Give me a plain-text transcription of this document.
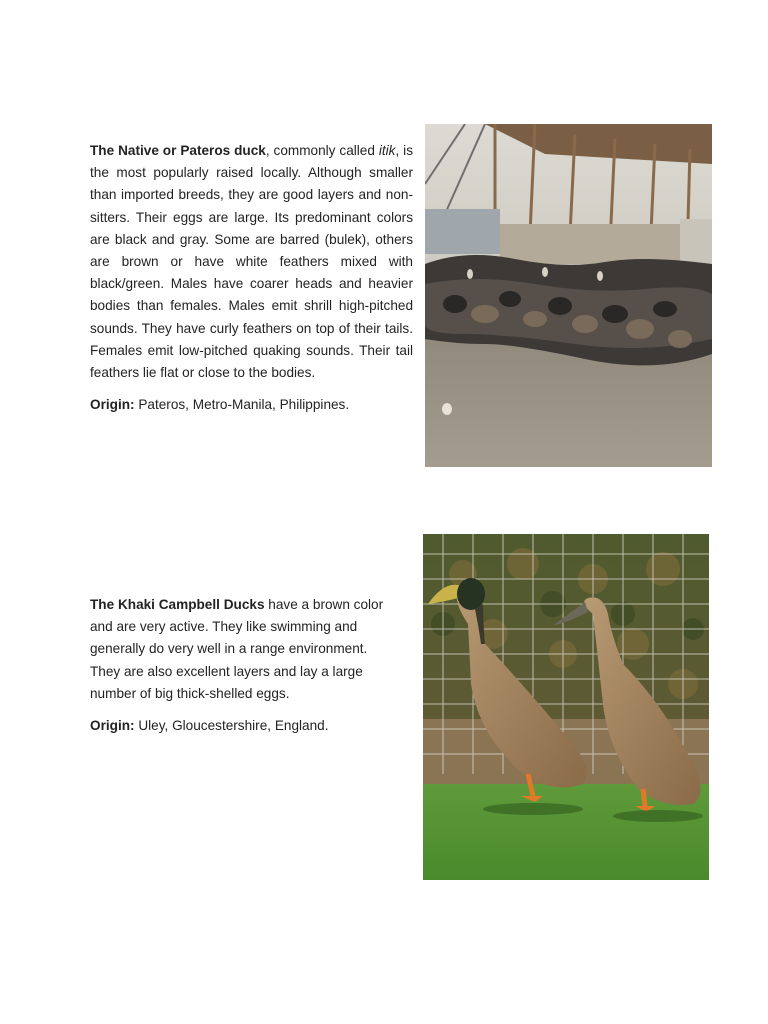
The Native or Pateros duck, commonly called itik, is the most popularly raised locally. Although smaller than imported breeds, they are good layers and non-sitters. Their eggs are large. Its predominant colors are black and gray. Some are barred (bulek), others are brown or have white feathers mixed with black/green. Males have coarer heads and heavier bodies than females. Males emit shrill high-pitched sounds. They have curly feathers on top of their tails. Females emit low-pitched quaking sounds. Their tail feathers lie flat or close to the bodies.

Origin: Pateros, Metro-Manila, Philippines.

The Khaki Campbell Ducks have a brown color and are very active. They like swimming and generally do very well in a range environment. They are also excellent layers and lay a large number of big thick-shelled eggs.

Origin: Uley, Gloucestershire, England.
